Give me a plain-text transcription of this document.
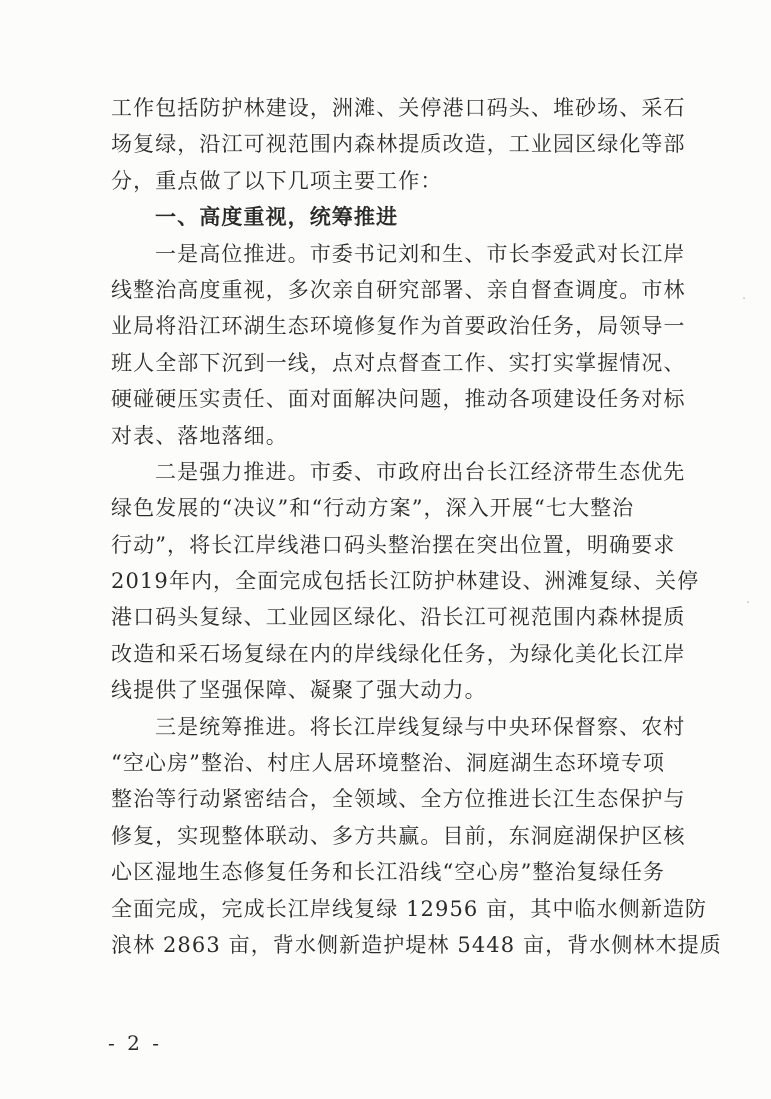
工作包括防护林建设，洲滩、关停港口码头、堆砂场、采石
场复绿，沿江可视范围内森林提质改造，工业园区绿化等部
分，重点做了以下几项主要工作：
一、高度重视，统筹推进
一是高位推进。市委书记刘和生、市长李爱武对长江岸
线整治高度重视，多次亲自研究部署、亲自督查调度。市林
业局将沿江环湖生态环境修复作为首要政治任务，局领导一
班人全部下沉到一线，点对点督查工作、实打实掌握情况、
硬碰硬压实责任、面对面解决问题，推动各项建设任务对标
对表、落地落细。
二是强力推进。市委、市政府出台长江经济带生态优先
绿色发展的“决议”和“行动方案”，深入开展“七大整治
行动”，将长江岸线港口码头整治摆在突出位置，明确要求
2019年内，全面完成包括长江防护林建设、洲滩复绿、关停
港口码头复绿、工业园区绿化、沿长江可视范围内森林提质
改造和采石场复绿在内的岸线绿化任务，为绿化美化长江岸
线提供了坚强保障、凝聚了强大动力。
三是统筹推进。将长江岸线复绿与中央环保督察、农村
“空心房”整治、村庄人居环境整治、洞庭湖生态环境专项
整治等行动紧密结合，全领域、全方位推进长江生态保护与
修复，实现整体联动、多方共赢。目前，东洞庭湖保护区核
心区湿地生态修复任务和长江沿线“空心房”整治复绿任务
全面完成，完成长江岸线复绿 12956 亩，其中临水侧新造防
浪林 2863 亩，背水侧新造护堤林 5448 亩，背水侧林木提质
·
·
- 2 -
